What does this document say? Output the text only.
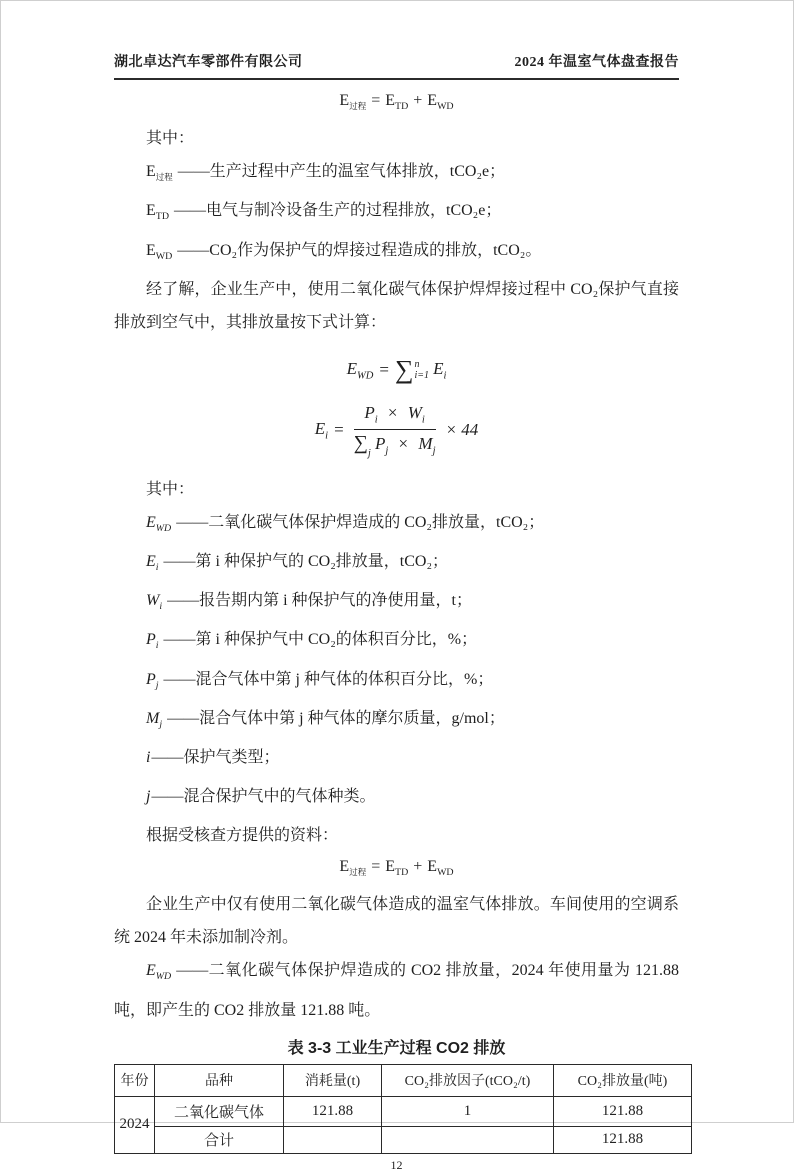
湖北卓达汽车零部件有限公司	2024 年温室气体盘查报告

$E_{过程} = E_{TD} + E_{WD}$

其中：

$E_{过程}$ ——生产过程中产生的温室气体排放，tCO₂e；

$E_{TD}$ ——电气与制冷设备生产的过程排放，tCO₂e；

$E_{WD}$ ——CO₂作为保护气的焊接过程造成的排放，tCO₂。

经了解，企业生产中，使用二氧化碳气体保护焊焊接过程中 CO₂保护气直接排放到空气中，其排放量按下式计算：

$E_{WD}$ = ∑ n
i=1 $E_i$
$E_i = \frac{P_i \times W_i}{\sum_j P_j \times M_j} \times 44$

其中：

$E_{WD}$ ——二氧化碳气体保护焊造成的 CO₂排放量，tCO₂；

$E_i$ ——第 i 种保护气的 CO₂排放量，tCO₂；

$W_i$ ——报告期内第 i 种保护气的净使用量，t；

$P_i$ ——第 i 种保护气中 CO₂的体积百分比，%；

$P_j$ ——混合气体中第 j 种气体的体积百分比，%；

$M_j$ ——混合气体中第 j 种气体的摩尔质量，g/mol；

i——保护气类型；

j——混合保护气中的气体种类。

根据受核查方提供的资料：

$E_{过程} = E_{TD} + E_{WD}$

企业生产中仅有使用二氧化碳气体造成的温室气体排放。车间使用的空调系统 2024 年未添加制冷剂。

$E_{WD}$ ——二氧化碳气体保护焊造成的 CO2 排放量，2024 年使用量为 121.88 吨，即产生的 CO2 排放量 121.88 吨。

表 3-3 工业生产过程 CO2 排放
年份	品种	消耗量(t)	CO₂排放因子(tCO₂/t)	CO₂排放量(吨)
2024	二氧化碳气体	121.88	1	121.88
	合计			121.88
12
